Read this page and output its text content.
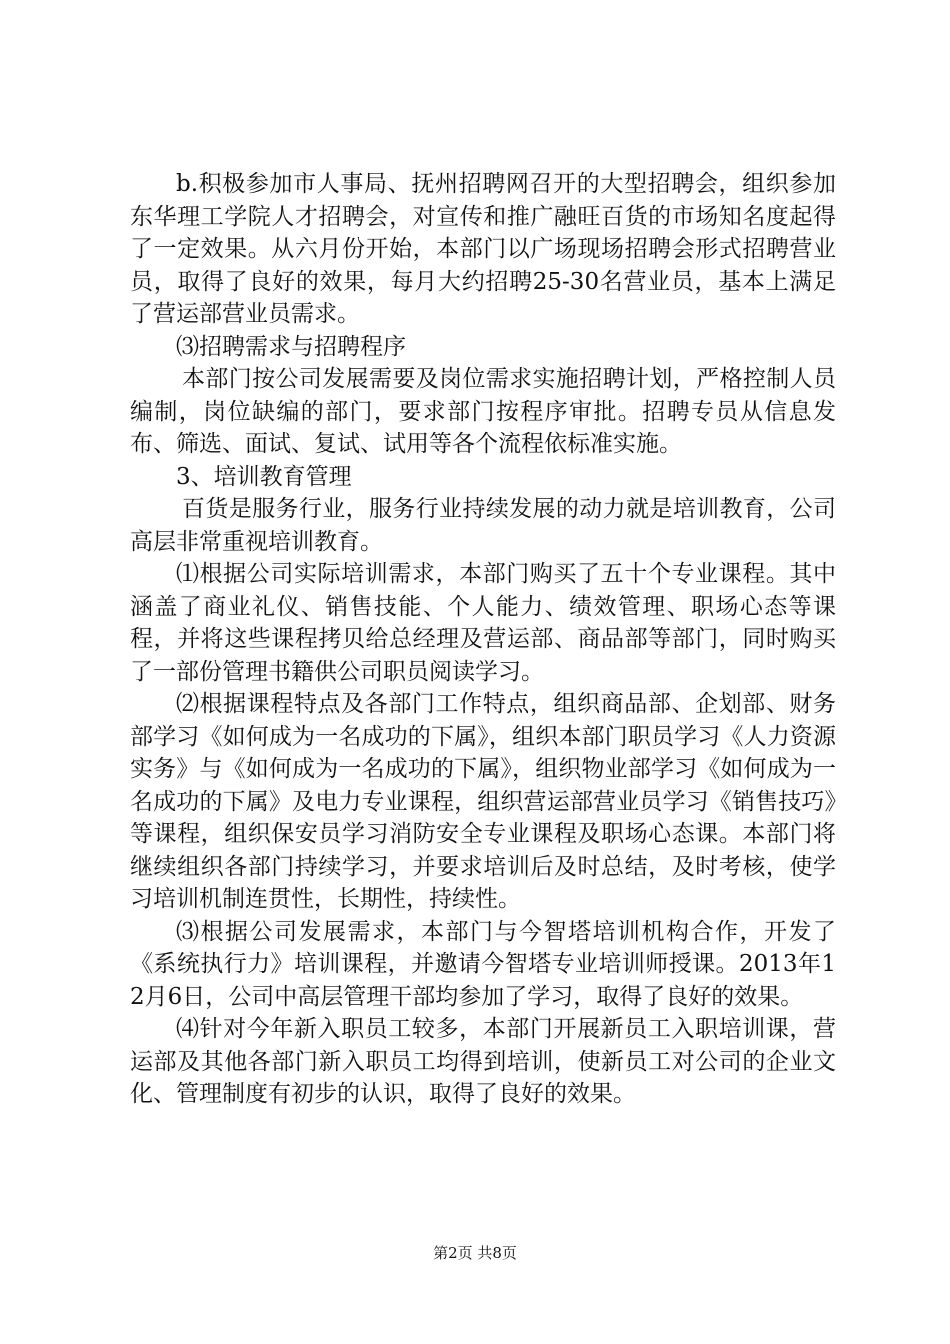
b.积极参加市人事局、抚州招聘网召开的大型招聘会，组织参加东华理工学院人才招聘会，对宣传和推广融旺百货的市场知名度起得了一定效果。从六月份开始，本部门以广场现场招聘会形式招聘营业员，取得了良好的效果，每月大约招聘25-30名营业员，基本上满足了营运部营业员需求。

⑶招聘需求与招聘程序

本部门按公司发展需要及岗位需求实施招聘计划，严格控制人员编制，岗位缺编的部门，要求部门按程序审批。招聘专员从信息发布、筛选、面试、复试、试用等各个流程依标准实施。

3、培训教育管理

百货是服务行业，服务行业持续发展的动力就是培训教育，公司高层非常重视培训教育。

⑴根据公司实际培训需求，本部门购买了五十个专业课程。其中涵盖了商业礼仪、销售技能、个人能力、绩效管理、职场心态等课程，并将这些课程拷贝给总经理及营运部、商品部等部门，同时购买了一部份管理书籍供公司职员阅读学习。

⑵根据课程特点及各部门工作特点，组织商品部、企划部、财务部学习《如何成为一名成功的下属》，组织本部门职员学习《人力资源实务》与《如何成为一名成功的下属》，组织物业部学习《如何成为一名成功的下属》及电力专业课程，组织营运部营业员学习《销售技巧》等课程，组织保安员学习消防安全专业课程及职场心态课。本部门将继续组织各部门持续学习，并要求培训后及时总结，及时考核，使学习培训机制连贯性，长期性，持续性。

⑶根据公司发展需求，本部门与今智塔培训机构合作，开发了《系统执行力》培训课程，并邀请今智塔专业培训师授课。2013年12月6日，公司中高层管理干部均参加了学习，取得了良好的效果。

⑷针对今年新入职员工较多，本部门开展新员工入职培训课，营运部及其他各部门新入职员工均得到培训，使新员工对公司的企业文化、管理制度有初步的认识，取得了良好的效果。

第2页 共8页
